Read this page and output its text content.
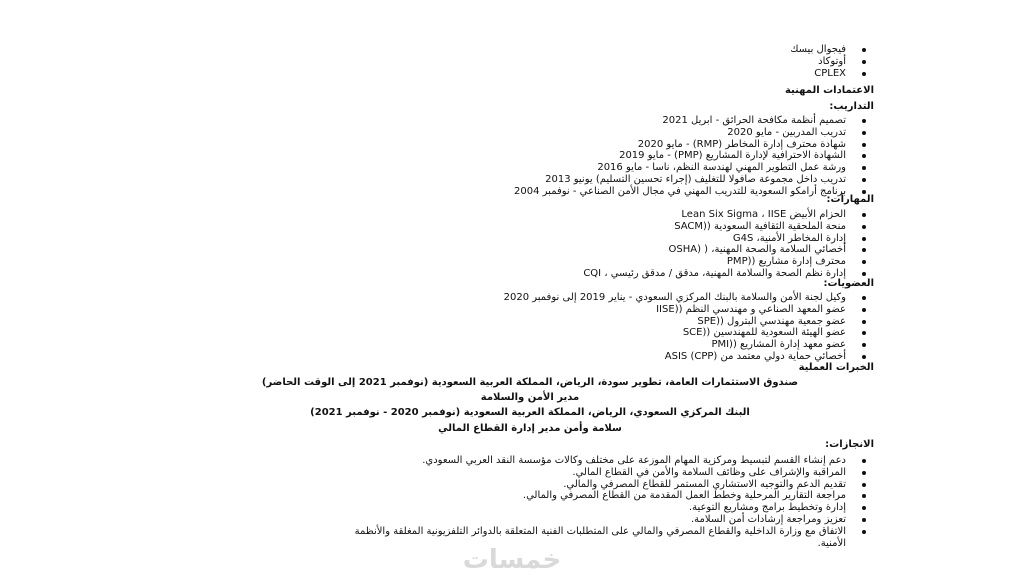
فيجوال بيسك
أوتوكاد
CPLEX
الاعتمادات المهنية
التداريب:
تصميم أنظمة مكافحة الحرائق - ابريل 2021
تدريب المدربين - مايو 2020
شهادة محترف إدارة المخاطر (RMP) - مايو 2020
الشهادة الاحترافية لإدارة المشاريع (PMP) - مايو 2019
ورشة عمل التطوير المهني لهندسة النظم، ناسا - مايو 2016
تدريب داخل مجموعة صافولا للتغليف (إجراء تحسين التسليم) يونيو 2013
برنامج أرامكو السعودية للتدريب المهني في مجال الأمن الصناعي - نوفمبر 2004
المهارات:
الحزام الأبيض Lean Six Sigma ، IISE
منحة الملحقية الثقافية السعودية ((SACM
إدارة المخاطر الأمنية، G4S
أخصائي السلامة والصحة المهنية، ( (OSHA
محترف إدارة مشاريع ((PMP
إدارة نظم الصحة والسلامة المهنية، مدقق / مدقق رئيسي ، CQI
العضويات:
وكيل لجنة الأمن والسلامة بالبنك المركزي السعودي - يناير 2019 إلى نوفمبر 2020
عضو المعهد الصناعي و مهندسي النظم ((IISE
عضو جمعية مهندسي البترول ((SPE
عضو الهيئة السعودية للمهندسين ((SCE
عضو معهد إدارة المشاريع ((PMI
أخصائي حماية دولي معتمد من (ASIS (CPP
الخبرات العملية
صندوق الاستثمارات العامة، تطوير سودة، الرياض، المملكة العربية السعودية (نوفمبر 2021 إلى الوقت الحاضر)
مدير الأمن والسلامة
البنك المركزي السعودي، الرياض، المملكة العربية السعودية (نوفمبر 2020 - نوفمبر 2021)
سلامة وأمن مدير إدارة القطاع المالي
الانجازات:
دعم إنشاء القسم لتبسيط ومركزية المهام الموزعة على مختلف وكالات مؤسسة النقد العربي السعودي.
المراقبة والإشراف على وظائف السلامة والأمن في القطاع المالي.
تقديم الدعم والتوجيه الاستشاري المستمر للقطاع المصرفي والمالي.
مراجعة التقارير المرحلية وخطط العمل المقدمة من القطاع المصرفي والمالي.
إدارة وتخطيط برامج ومشاريع التوعية.
تعزيز ومراجعة إرشادات أمن السلامة.
الاتفاق مع وزارة الداخلية والقطاع المصرفي والمالي على المتطلبات الفنية المتعلقة بالدوائر التلفزيونية المغلقة والأنظمة
الأمنية.
خمسات
